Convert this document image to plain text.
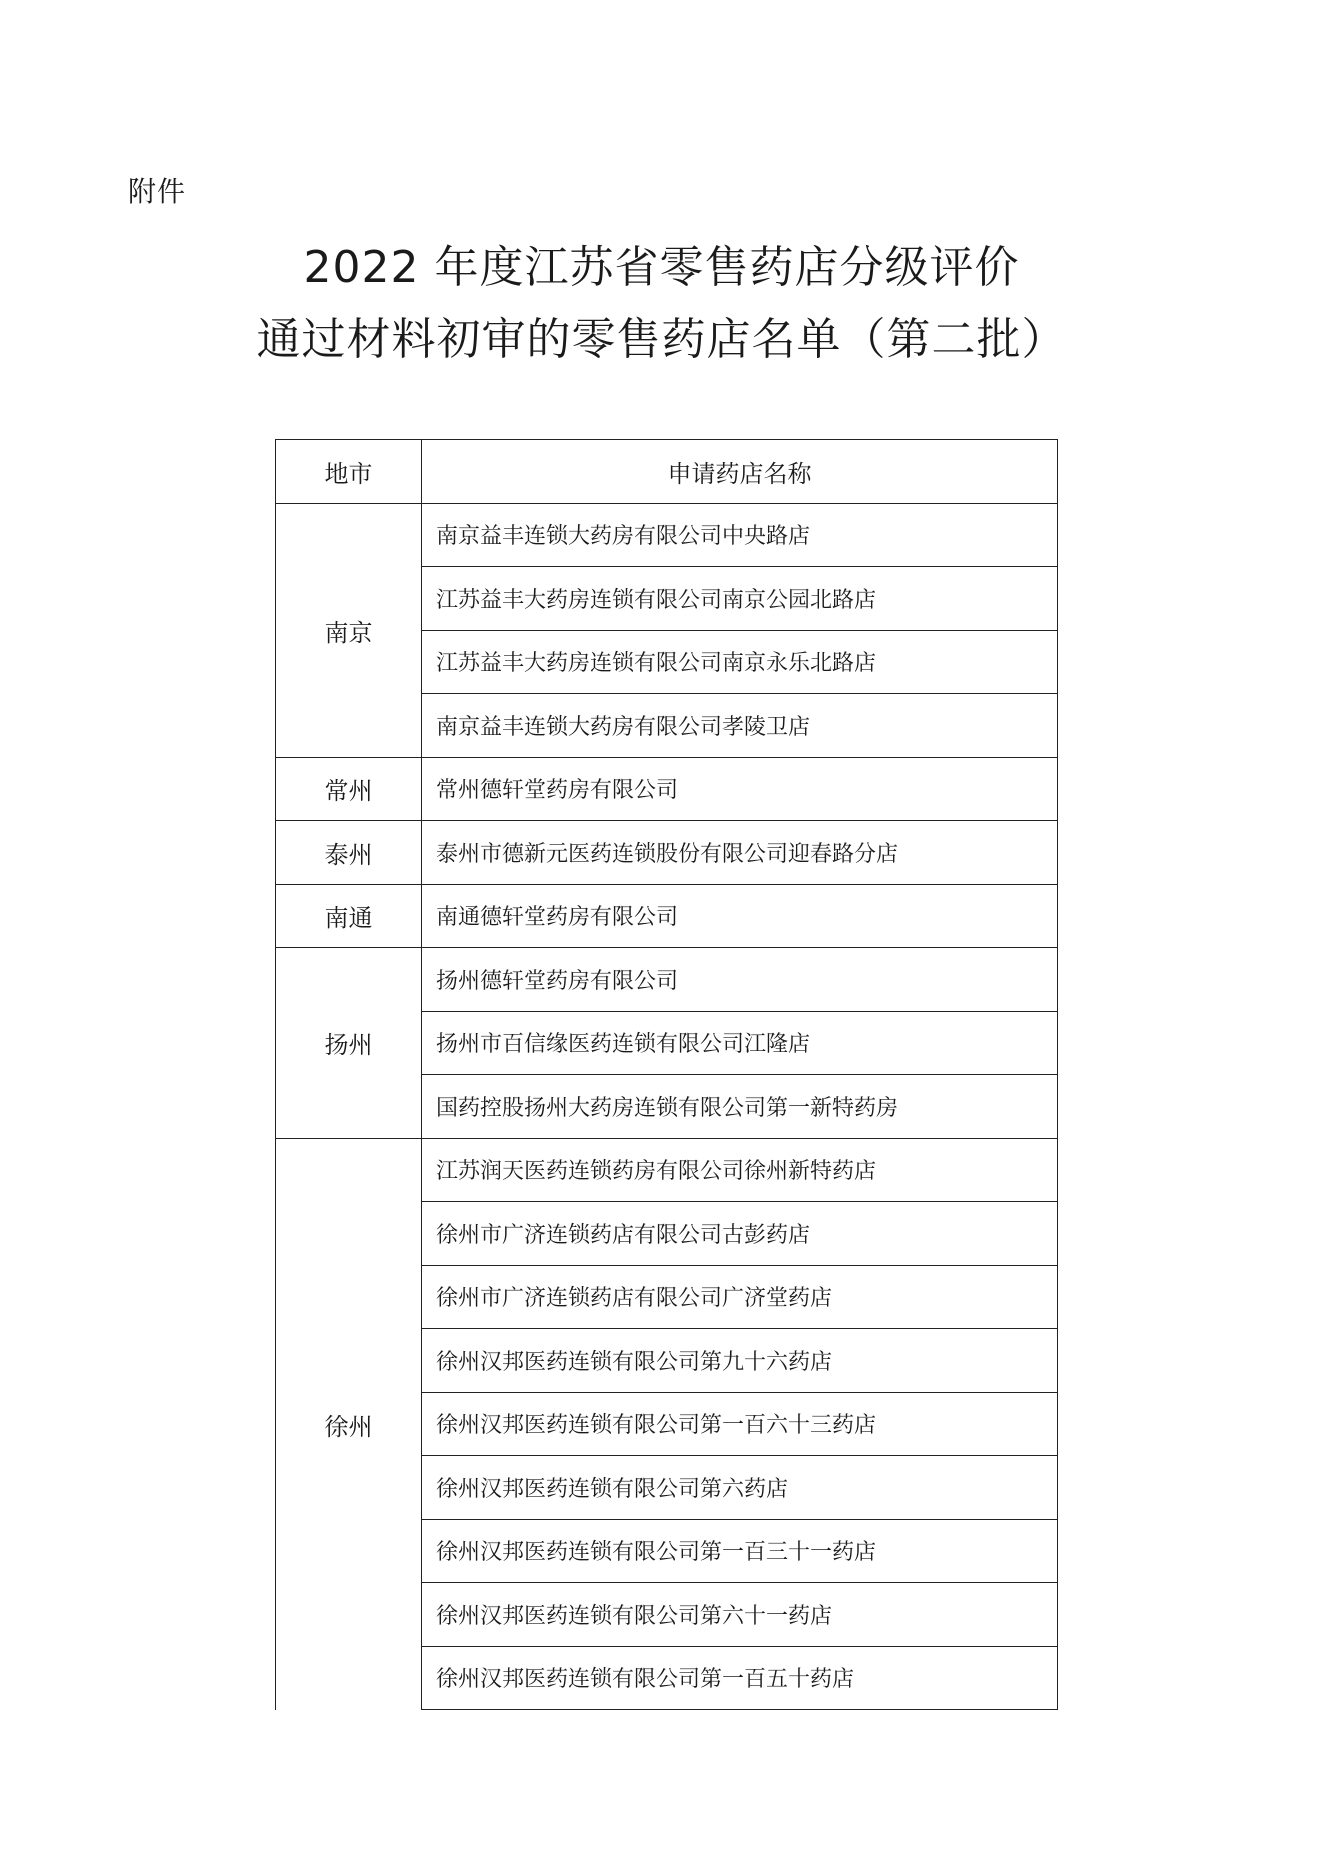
附件
2022 年度江苏省零售药店分级评价
通过材料初审的零售药店名单（第二批）
地市	申请药店名称
南京	南京益丰连锁大药房有限公司中央路店
	江苏益丰大药房连锁有限公司南京公园北路店
	江苏益丰大药房连锁有限公司南京永乐北路店
	南京益丰连锁大药房有限公司孝陵卫店
常州	常州德轩堂药房有限公司
泰州	泰州市德新元医药连锁股份有限公司迎春路分店
南通	南通德轩堂药房有限公司
扬州	扬州德轩堂药房有限公司
	扬州市百信缘医药连锁有限公司江隆店
	国药控股扬州大药房连锁有限公司第一新特药房
徐州	江苏润天医药连锁药房有限公司徐州新特药店
	徐州市广济连锁药店有限公司古彭药店
	徐州市广济连锁药店有限公司广济堂药店
	徐州汉邦医药连锁有限公司第九十六药店
	徐州汉邦医药连锁有限公司第一百六十三药店
	徐州汉邦医药连锁有限公司第六药店
	徐州汉邦医药连锁有限公司第一百三十一药店
	徐州汉邦医药连锁有限公司第六十一药店
	徐州汉邦医药连锁有限公司第一百五十药店
